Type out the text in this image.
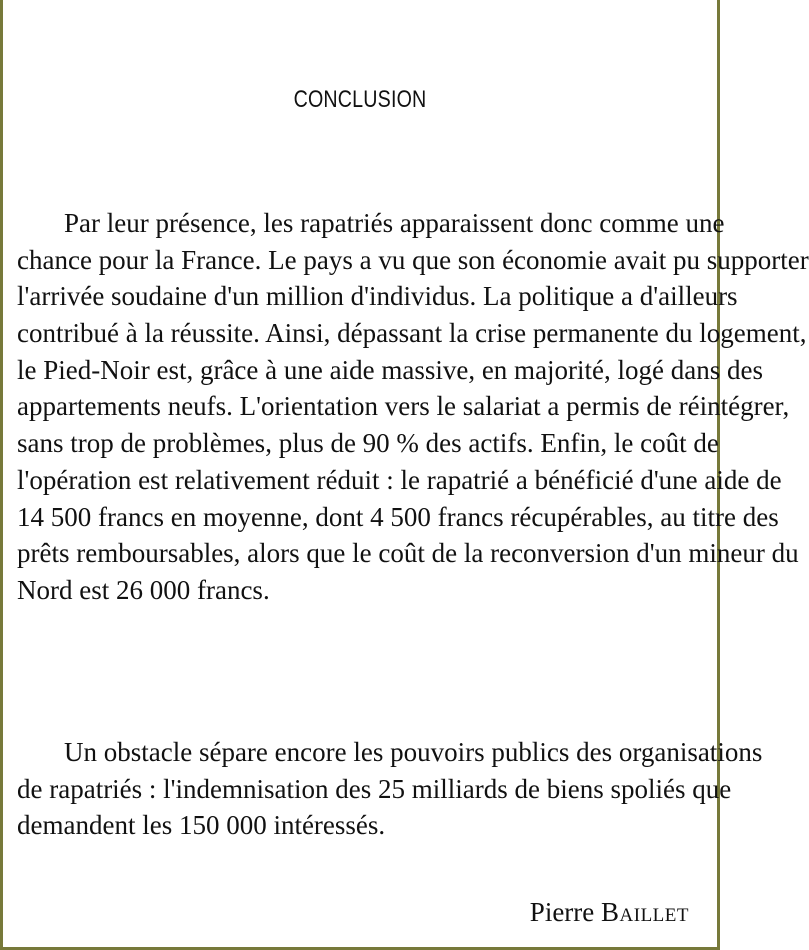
CONCLUSION
Par leur présence, les rapatriés apparaissent donc comme une
chance pour la France. Le pays a vu que son économie avait pu supporter
l'arrivée soudaine d'un million d'individus. La politique a d'ailleurs
contribué à la réussite. Ainsi, dépassant la crise permanente du logement,
le Pied-Noir est, grâce à une aide massive, en majorité, logé dans des
appartements neufs. L'orientation vers le salariat a permis de réintégrer,
sans trop de problèmes, plus de 90 % des actifs. Enfin, le coût de
l'opération est relativement réduit : le rapatrié a bénéficié d'une aide de
14 500 francs en moyenne, dont 4 500 francs récupérables, au titre des
prêts remboursables, alors que le coût de la reconversion d'un mineur du
Nord est 26 000 francs.
Un obstacle sépare encore les pouvoirs publics des organisations
de rapatriés : l'indemnisation des 25 milliards de biens spoliés que
demandent les 150 000 intéressés.
Pierre Baillet
